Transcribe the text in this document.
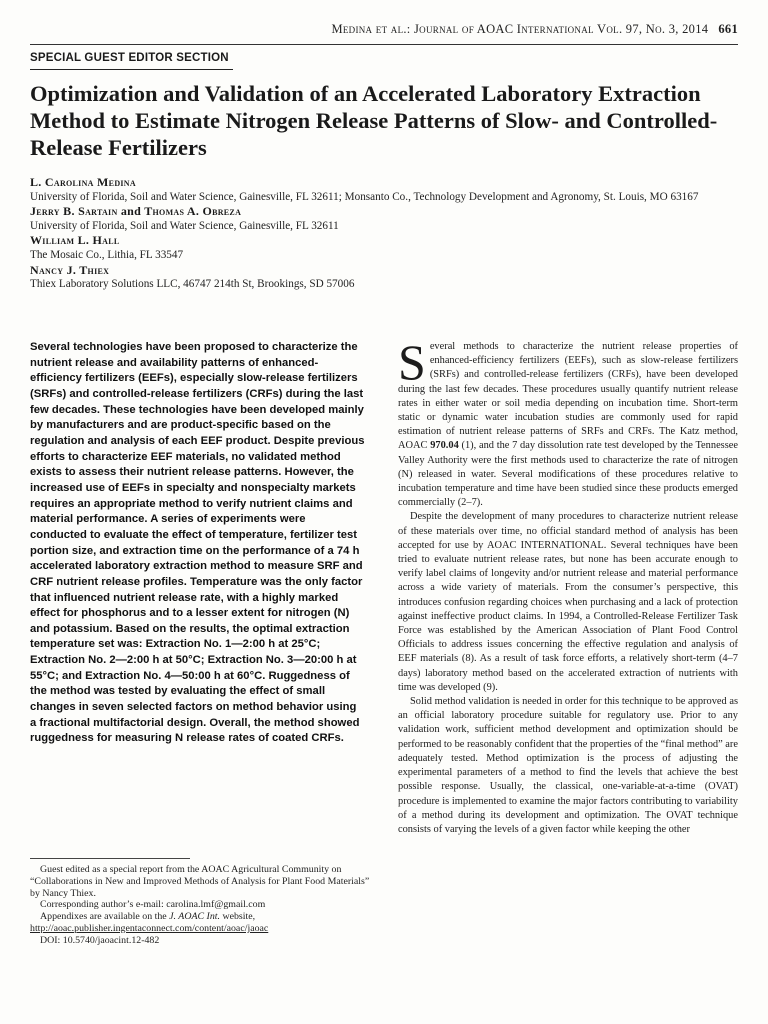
Medina et al.: Journal of AOAC International Vol. 97, No. 3, 2014 661
SPECIAL GUEST EDITOR SECTION
Optimization and Validation of an Accelerated Laboratory Extraction Method to Estimate Nitrogen Release Patterns of Slow- and Controlled-Release Fertilizers
L. Carolina Medina
University of Florida, Soil and Water Science, Gainesville, FL 32611; Monsanto Co., Technology Development and Agronomy, St. Louis, MO 63167
Jerry B. Sartain and Thomas A. Obreza
University of Florida, Soil and Water Science, Gainesville, FL 32611
William L. Hall
The Mosaic Co., Lithia, FL 33547
Nancy J. Thiex
Thiex Laboratory Solutions LLC, 46747 214th St, Brookings, SD 57006
Several technologies have been proposed to characterize the nutrient release and availability patterns of enhanced-efficiency fertilizers (EEFs), especially slow-release fertilizers (SRFs) and controlled-release fertilizers (CRFs) during the last few decades. These technologies have been developed mainly by manufacturers and are product-specific based on the regulation and analysis of each EEF product. Despite previous efforts to characterize EEF materials, no validated method exists to assess their nutrient release patterns. However, the increased use of EEFs in specialty and nonspecialty markets requires an appropriate method to verify nutrient claims and material performance. A series of experiments were conducted to evaluate the effect of temperature, fertilizer test portion size, and extraction time on the performance of a 74 h accelerated laboratory extraction method to measure SRF and CRF nutrient release profiles. Temperature was the only factor that influenced nutrient release rate, with a highly marked effect for phosphorus and to a lesser extent for nitrogen (N) and potassium. Based on the results, the optimal extraction temperature set was: Extraction No. 1—2:00 h at 25°C; Extraction No. 2—2:00 h at 50°C; Extraction No. 3—20:00 h at 55°C; and Extraction No. 4—50:00 h at 60°C. Ruggedness of the method was tested by evaluating the effect of small changes in seven selected factors on method behavior using a fractional multifactorial design. Overall, the method showed ruggedness for measuring N release rates of coated CRFs.

Guest edited as a special report from the AOAC Agricultural Community on “Collaborations in New and Improved Methods of Analysis for Plant Food Materials” by Nancy Thiex.

Corresponding author’s e-mail: carolina.lmf@gmail.com

Appendixes are available on the J. AOAC Int. website, http://aoac.publisher.ingentaconnect.com/content/aoac/jaoac

DOI: 10.5740/jaoacint.12-482

Several methods to characterize the nutrient release properties of enhanced-efficiency fertilizers (EEFs), such as slow-release fertilizers (SRFs) and controlled-release fertilizers (CRFs), have been developed during the last few decades. These procedures usually quantify nutrient release rates in either water or soil media depending on incubation time. Short-term static or dynamic water incubation studies are commonly used for rapid estimation of nutrient release patterns of SRFs and CRFs. The Katz method, AOAC 970.04 (1), and the 7 day dissolution rate test developed by the Tennessee Valley Authority were the first methods used to characterize the rate of nitrogen (N) released in water. Several modifications of these procedures relative to incubation temperature and time have been studied since these products emerged commercially (2–7).

Despite the development of many procedures to characterize nutrient release of these materials over time, no official standard method of analysis has been accepted for use by AOAC INTERNATIONAL. Several techniques have been tried to evaluate nutrient release rates, but none has been accurate enough to verify label claims of longevity and/or nutrient release and material performance across a wide variety of materials. From the consumer’s perspective, this introduces confusion regarding choices when purchasing and a lack of protection against ineffective product claims. In 1994, a Controlled-Release Fertilizer Task Force was established by the American Association of Plant Food Control Officials to address issues concerning the effective regulation and analysis of EEF materials (8). As a result of task force efforts, a relatively short-term (4–7 days) laboratory method based on the accelerated extraction of nutrients with time was developed (9).

Solid method validation is needed in order for this technique to be approved as an official laboratory procedure suitable for regulatory use. Prior to any validation work, sufficient method development and optimization should be performed to be reasonably confident that the properties of the “final method” are adequately tested. Method optimization is the process of adjusting the experimental parameters of a method to find the levels that achieve the best possible response. Usually, the classical, one-variable-at-a-time (OVAT) procedure is implemented to examine the major factors contributing to variability of a method during its development and optimization. The OVAT technique consists of varying the levels of a given factor while keeping the other
